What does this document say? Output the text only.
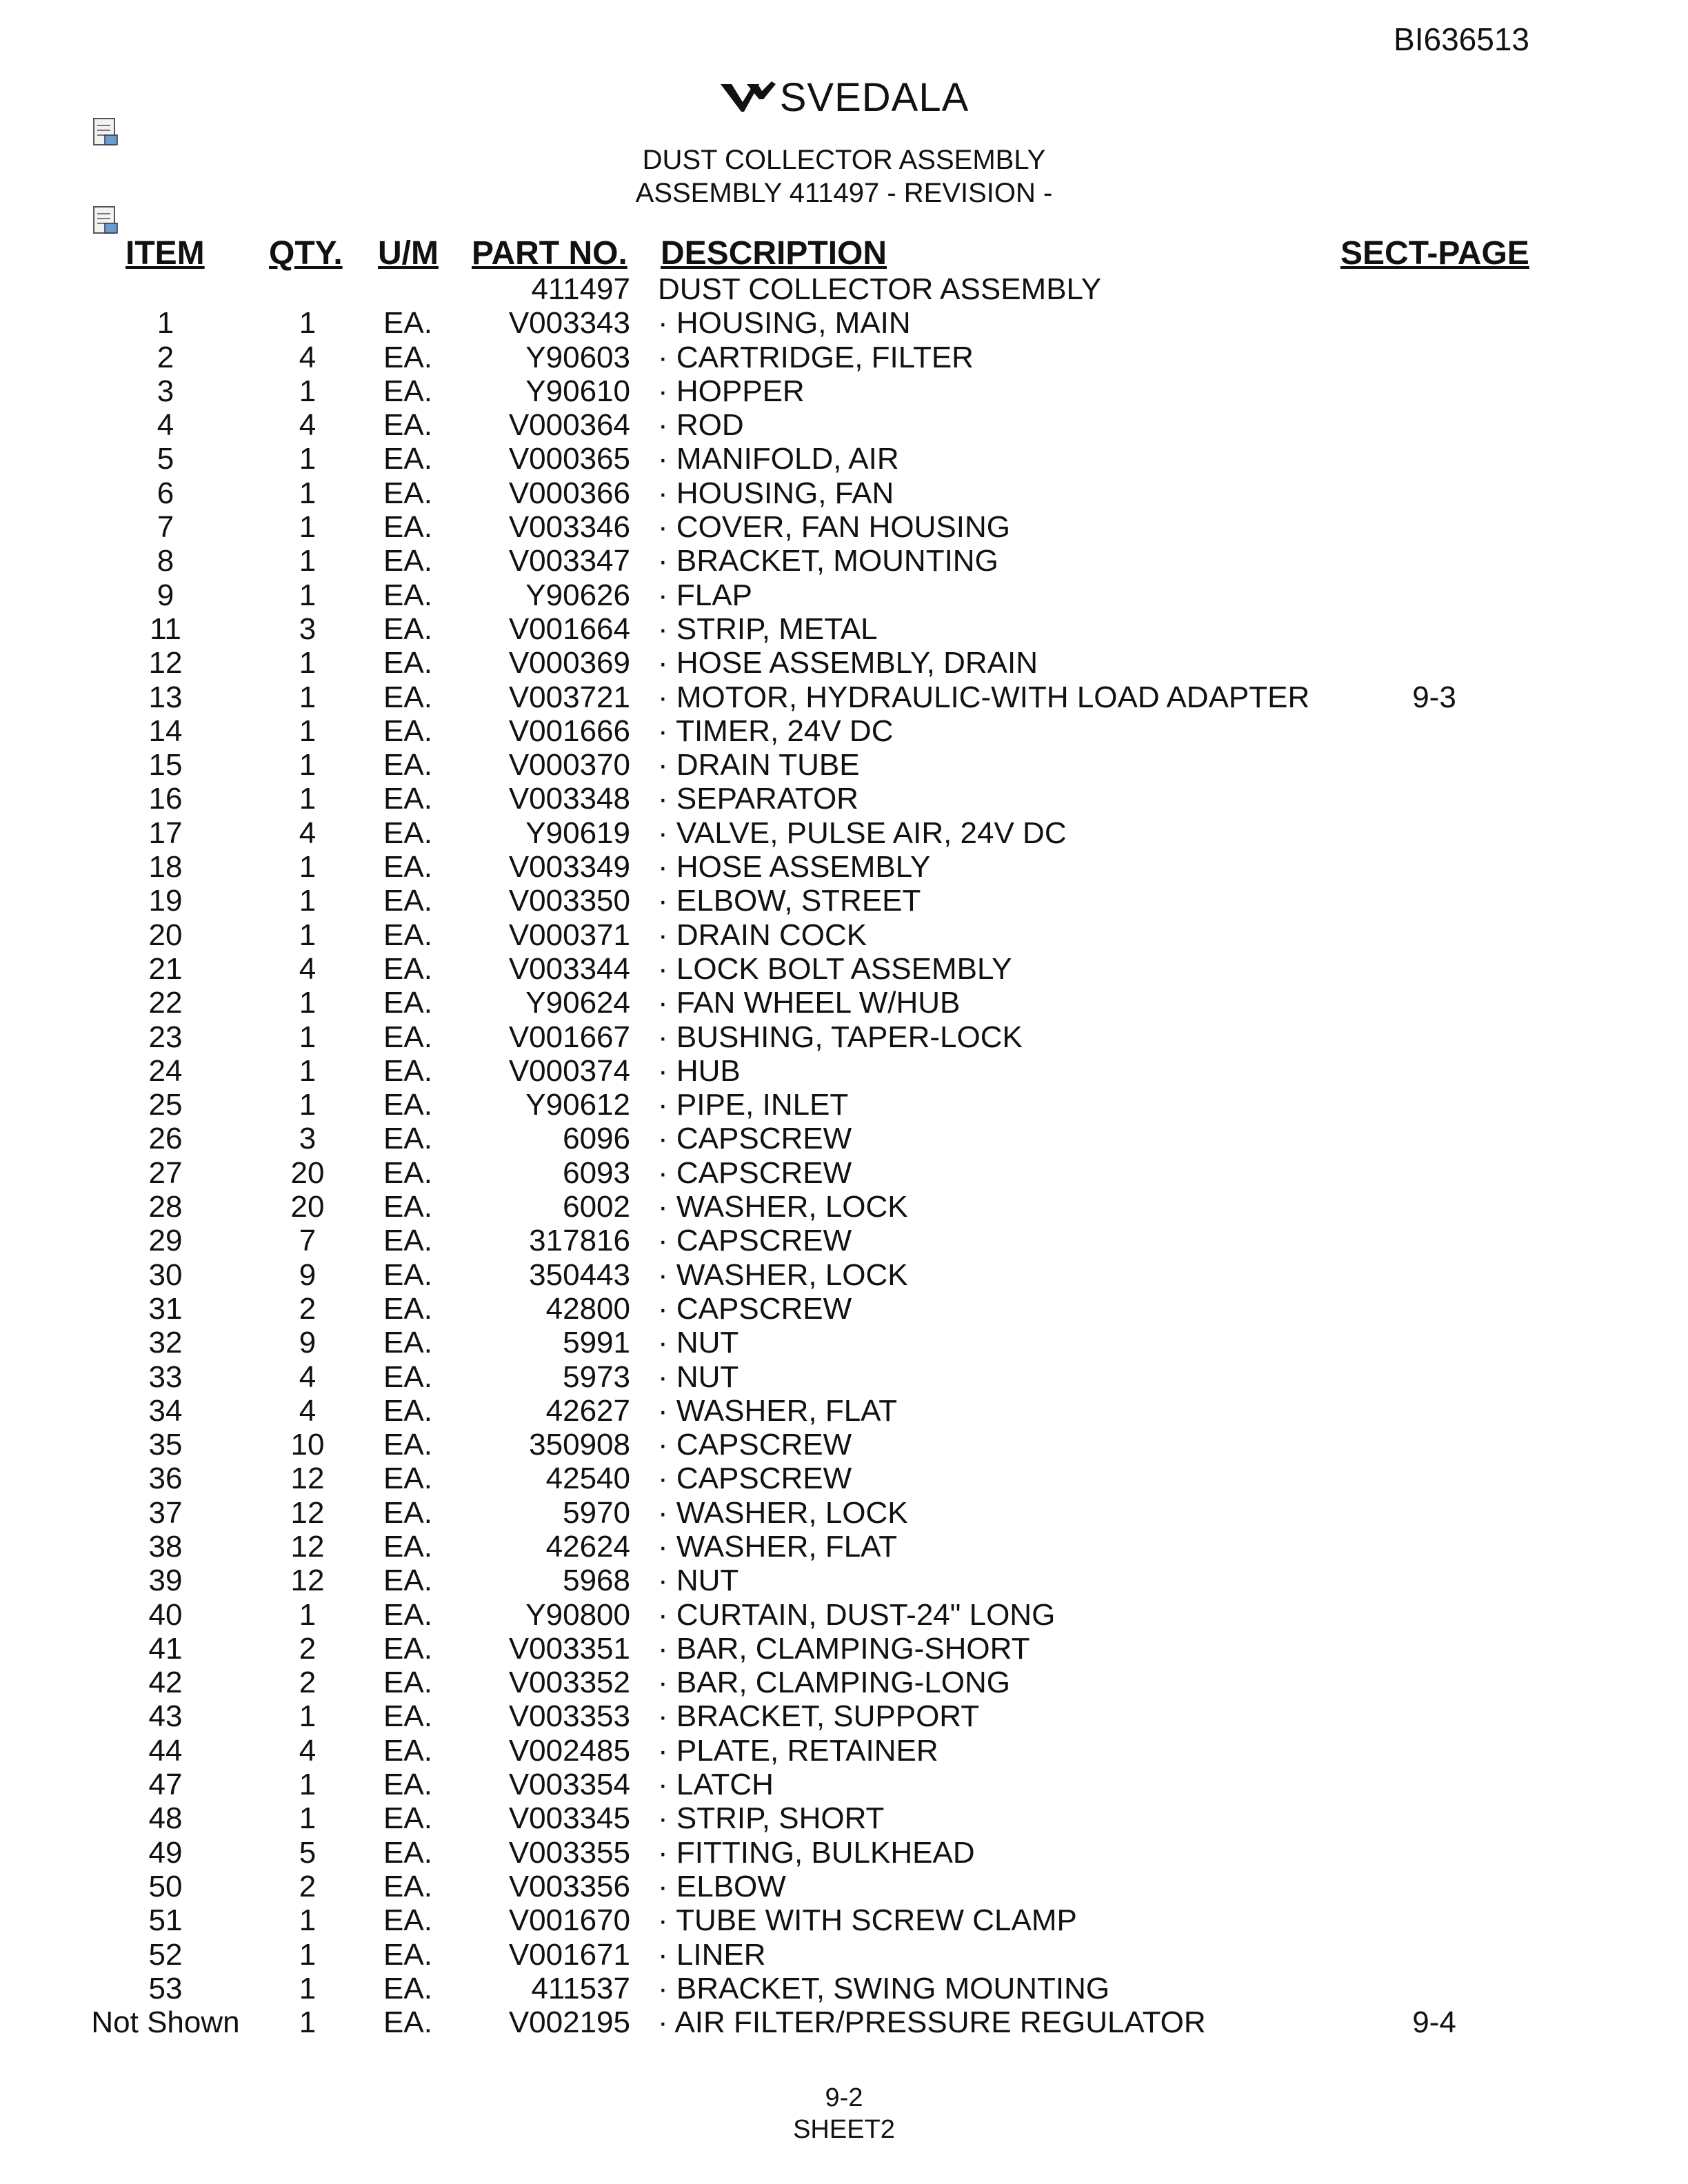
BI636513
SVEDALA
DUST COLLECTOR ASSEMBLY
ASSEMBLY 411497 - REVISION -
ITEM QTY. U/M PART NO. DESCRIPTION	SECT-PAGE
411497 DUST COLLECTOR ASSEMBLY
1	1	EA.	V003343 · HOUSING, MAIN
2	4	EA.	Y90603 · CARTRIDGE, FILTER
3	1	EA.	Y90610 · HOPPER
4	4	EA.	V000364 · ROD
5	1	EA.	V000365 · MANIFOLD, AIR
6	1	EA.	V000366 · HOUSING, FAN
7	1	EA.	V003346 · COVER, FAN HOUSING
8	1	EA.	V003347 · BRACKET, MOUNTING
9	1	EA.	Y90626 · FLAP
11	3	EA.	V001664 · STRIP, METAL
12	1	EA.	V000369 · HOSE ASSEMBLY, DRAIN
13	1	EA.	V003721 · MOTOR, HYDRAULIC-WITH LOAD ADAPTER	9-3
14	1	EA.	V001666 · TIMER, 24V DC
15	1	EA.	V000370 · DRAIN TUBE
16	1	EA.	V003348 · SEPARATOR
17	4	EA.	Y90619 · VALVE, PULSE AIR, 24V DC
18	1	EA.	V003349 · HOSE ASSEMBLY
19	1	EA.	V003350 · ELBOW, STREET
20	1	EA.	V000371 · DRAIN COCK
21	4	EA.	V003344 · LOCK BOLT ASSEMBLY
22	1	EA.	Y90624 · FAN WHEEL W/HUB
23	1	EA.	V001667 · BUSHING, TAPER-LOCK
24	1	EA.	V000374 · HUB
25	1	EA.	Y90612 · PIPE, INLET
26	3	EA.	6096 · CAPSCREW
27	20	EA.	6093 · CAPSCREW
28	20	EA.	6002 · WASHER, LOCK
29	7	EA.	317816 · CAPSCREW
30	9	EA.	350443 · WASHER, LOCK
31	2	EA.	42800 · CAPSCREW
32	9	EA.	5991 · NUT
33	4	EA.	5973 · NUT
34	4	EA.	42627 · WASHER, FLAT
35	10	EA.	350908 · CAPSCREW
36	12	EA.	42540 · CAPSCREW
37	12	EA.	5970 · WASHER, LOCK
38	12	EA.	42624 · WASHER, FLAT
39	12	EA.	5968 · NUT
40	1	EA.	Y90800 · CURTAIN, DUST-24" LONG
41	2	EA.	V003351 · BAR, CLAMPING-SHORT
42	2	EA.	V003352 · BAR, CLAMPING-LONG
43	1	EA.	V003353 · BRACKET, SUPPORT
44	4	EA.	V002485 · PLATE, RETAINER
47	1	EA.	V003354 · LATCH
48	1	EA.	V003345 · STRIP, SHORT
49	5	EA.	V003355 · FITTING, BULKHEAD
50	2	EA.	V003356 · ELBOW
51	1	EA.	V001670 · TUBE WITH SCREW CLAMP
52	1	EA.	V001671 · LINER
53	1	EA.	411537 · BRACKET, SWING MOUNTING
Not Shown	1	EA.	V002195 · AIR FILTER/PRESSURE REGULATOR	9-4
9-2
SHEET2
